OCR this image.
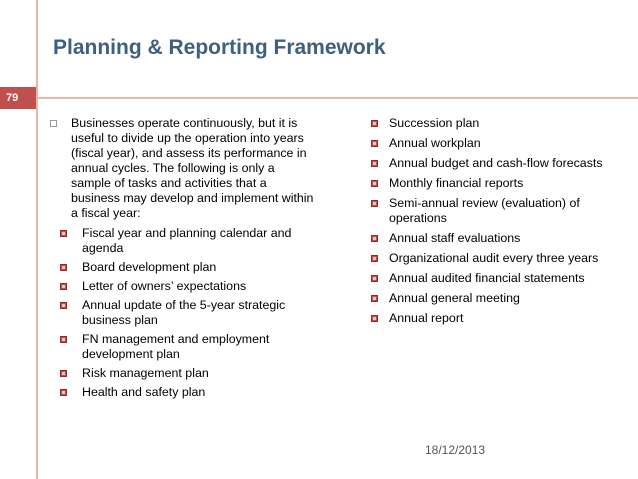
Planning & Reporting Framework
79
Businesses operate continuously, but it is useful to divide up the operation into years (fiscal year), and assess its performance in annual cycles. The following is only a sample of tasks and activities that a business may develop and implement within a fiscal year:
Fiscal year and planning calendar and agenda
Board development plan
Letter of owners’ expectations
Annual update of the 5-year strategic business plan
FN management and employment development plan
Risk management plan
Health and safety plan
Succession plan
Annual workplan
Annual budget and cash-flow forecasts
Monthly financial reports
Semi-annual review (evaluation) of operations
Annual staff evaluations
Organizational audit every three years
Annual audited financial statements
Annual general meeting
Annual report
18/12/2013
